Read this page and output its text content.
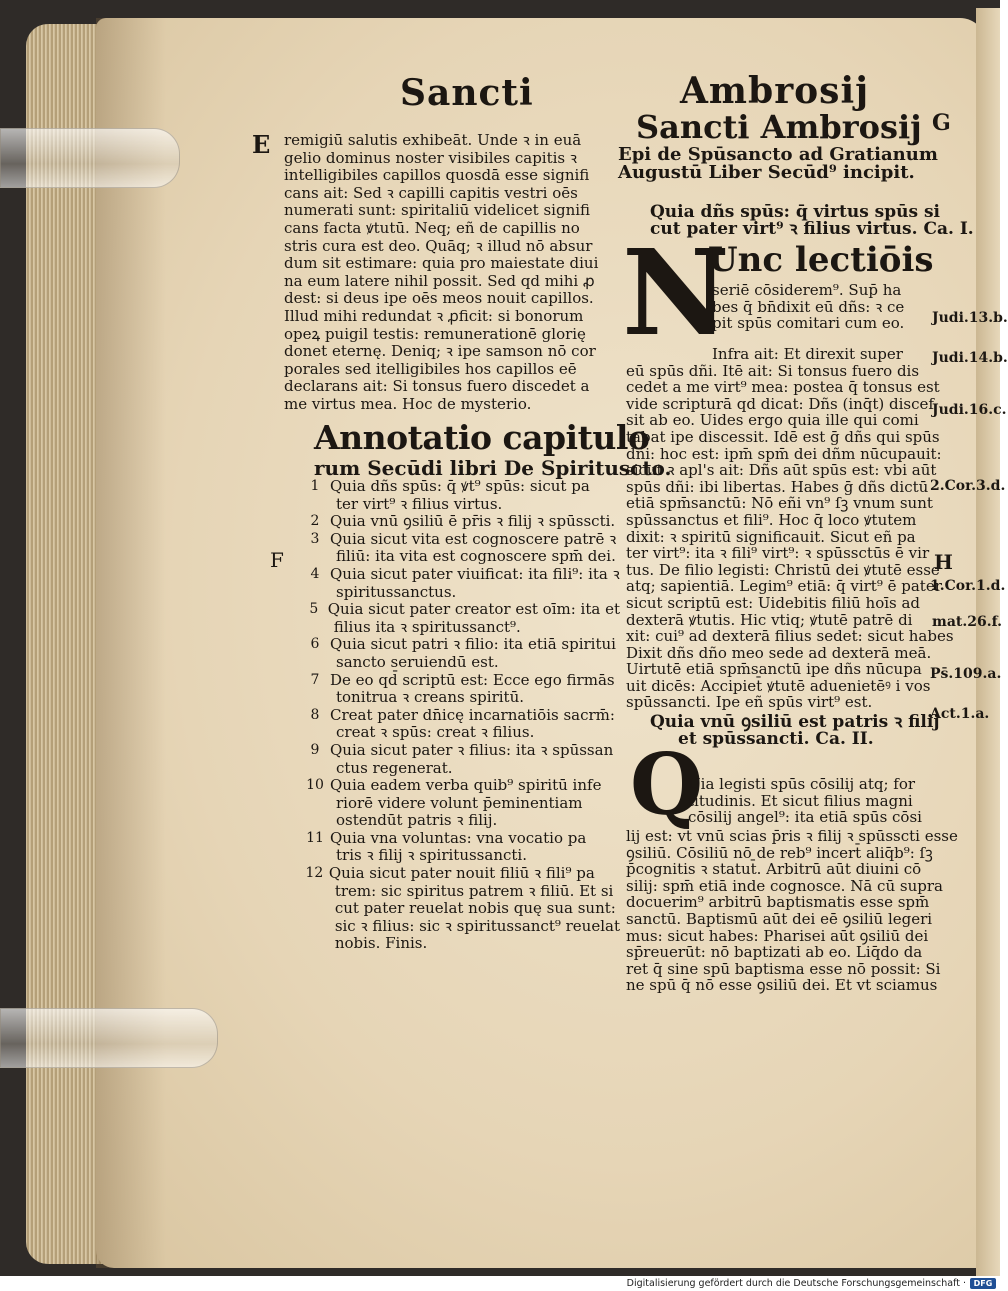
Sancti	Ambrosij
G
E
F
remigiū salutis exhibeāt. Unde ꝛ in euā
gelio dominus noster visibiles capitis ꝛ
intelligibiles capillos quosdā esse signifi
cans ait: Sed ꝛ capilli capitis vestri oēs
numerati sunt: spiritaliū videlicet signifi
cans facta ꝟtutū. Neq; eñ de capillis no
stris cura est deo. Quāq; ꝛ illud nō absur
dum sit estimare: quia pro maiestate diui
na eum latere nihil possit. Sed qd mihi ꝓ
dest: si deus ipe oēs meos nouit capillos.
Illud mihi redundat ꝛ ꝓficit: si bonorum
opeꝝ puigil testis: remunerationē glorię
donet eternę. Deniq; ꝛ ipe samson nō cor
porales sed itelligibiles hos capillos eē
declarans ait: Si tonsus fuero discedet a
me virtus mea. Hoc de mysterio.
Annotatio capitulo
rum Secūdi libri De Spirituscto.
1 Quia dñs spūs: q̄ ꝟt⁹ spūs: sicut pa
ter virt⁹ ꝛ filius virtus.
2 Quia vnū ꝯsiliū ē pr̄is ꝛ filij ꝛ spūsscti.
3 Quia sicut vita est cognoscere patrē ꝛ
filiū: ita vita est cognoscere spm̄ dei.
4 Quia sicut pater viuificat: ita fili⁹: ita ꝛ
spiritussanctus.
5 Quia sicut pater creator est oīm: ita et
filius ita ꝛ spiritussanct⁹.
6 Quia sicut patri ꝛ filio: ita etiā spiritui
sancto seruiendū est.
7 De eo qd̄ scriptū est: Ecce ego firmās
tonitrua ꝛ creans spiritū.
8 Creat pater dn̄icę incarnatiōis sacrm̄:
creat ꝛ spūs: creat ꝛ filius.
9 Quia sicut pater ꝛ filius: ita ꝛ spūssan
ctus regenerat.
10 Quia eadem verba quib⁹ spiritū infe
riorē videre volunt p̄eminentiam
ostendūt patris ꝛ filij.
11 Quia vna voluntas: vna vocatio pa
tris ꝛ filij ꝛ spiritussancti.
12 Quia sicut pater nouit filiū ꝛ fili⁹ pa
trem: sic spiritus patrem ꝛ filiū. Et si
cut pater reuelat nobis quę sua sunt:
sic ꝛ filius: sic ꝛ spiritussanct⁹ reuelat
nobis. Finis.
Sancti Ambrosij
Epi de Spūsancto ad Gratianum
Augustū Liber Secūd⁹ incipit.
Quia dñs spūs: q̄ virtus spūs si
cut pater virt⁹ ꝛ filius virtus. Ca. I.
N
Unc lectiōis
seriē cōsiderem⁹. Sup̄ ha
bes q̄ bn̄dixit eū dñs: ꝛ ce
pit spūs comitari cum eo.
Infra ait: Et direxit super
eū spūs dñi. Itē ait: Si tonsus fuero dis
cedet a me virt⁹ mea: postea q̄ tonsus est
vide scripturā qd dicat: Dñs (inq̄t) discef
sit ab eo. Uides ergo quia ille qui comi
tabat ipe discessit. Idē est ḡ dñs qui spūs
dñi: hoc est: ipm̄ spm̄ dei dñm nūcupauit:
sicut ꝛ apl's ait: Dñs aūt spūs est: vbi aūt
spūs dñi: ibi libertas. Habes ḡ dñs dictū
etiā spm̄sanctū: Nō eñi vn⁹ ſꝫ vnum sunt
spūssanctus et fili⁹. Hoc q̄ loco ꝟtutem
dixit: ꝛ spiritū significauit. Sicut eñ pa
ter virt⁹: ita ꝛ fili⁹ virt⁹: ꝛ spūssctūs ē vir
tus. De filio legisti: Christū dei ꝟtutē esse
atq; sapientiā. Legim⁹ etiā: q̄ virt⁹ ē pater
sicut scriptū est: Uidebitis filiū hoīs ad
dexterā ꝟtutis. Hic vtiq; ꝟtutē patrē di
xit: cui⁹ ad dexterā filius sedet: sicut habes
Dixit dñs dño meo sede ad dexterā meā.
Uirtutē etiā spm̄sanctū ipe dñs nūcupa
uit dicēs: Accipiet̄ ꝟtutē aduenietēꝰ i vos
spūssancti. Ipe eñ spūs virt⁹ est.
Quia vnū ꝯsiliū est patris ꝛ filij
et spūssancti. Ca. II.
Q
Uia legisti spūs cōsilij atq; for
titudinis. Et sicut filius magni
cōsilij angel⁹: ita etiā spūs cōsi
lij est: vt vnū scias p̄ris ꝛ filij ꝛ spūsscti esse
ꝯsiliū. Cōsiliū nō de reb⁹ incert̄ aliq̄b⁹: ſꝫ
p̄cognitis ꝛ statut̄. Arbitrū aūt diuini cō
silij: spm̄ etiā inde cognosce. Nā cū supra
docuerim⁹ arbitrū baptismatis esse spm̄
sanctū. Baptismū aūt dei eē ꝯsiliū legeri
mus: sicut habes: Pharisei aūt ꝯsiliū dei
sp̄reuerūt: nō baptizati ab eo. Liq̄do da
ret q̄ sine spū baptisma esse nō possit: Si
ne spū q̄ nō esse ꝯsiliū dei. Et vt sciamus
Judi.13.b.
Judi.14.b.
Judi.16.c.
2.Cor.3.d.
H
1.Cor.1.d.
mat.26.f.
Ps̄.109.a.
Act.1.a.
Digitalisierung gefördert durch die Deutsche Forschungsgemeinschaft · DFG
